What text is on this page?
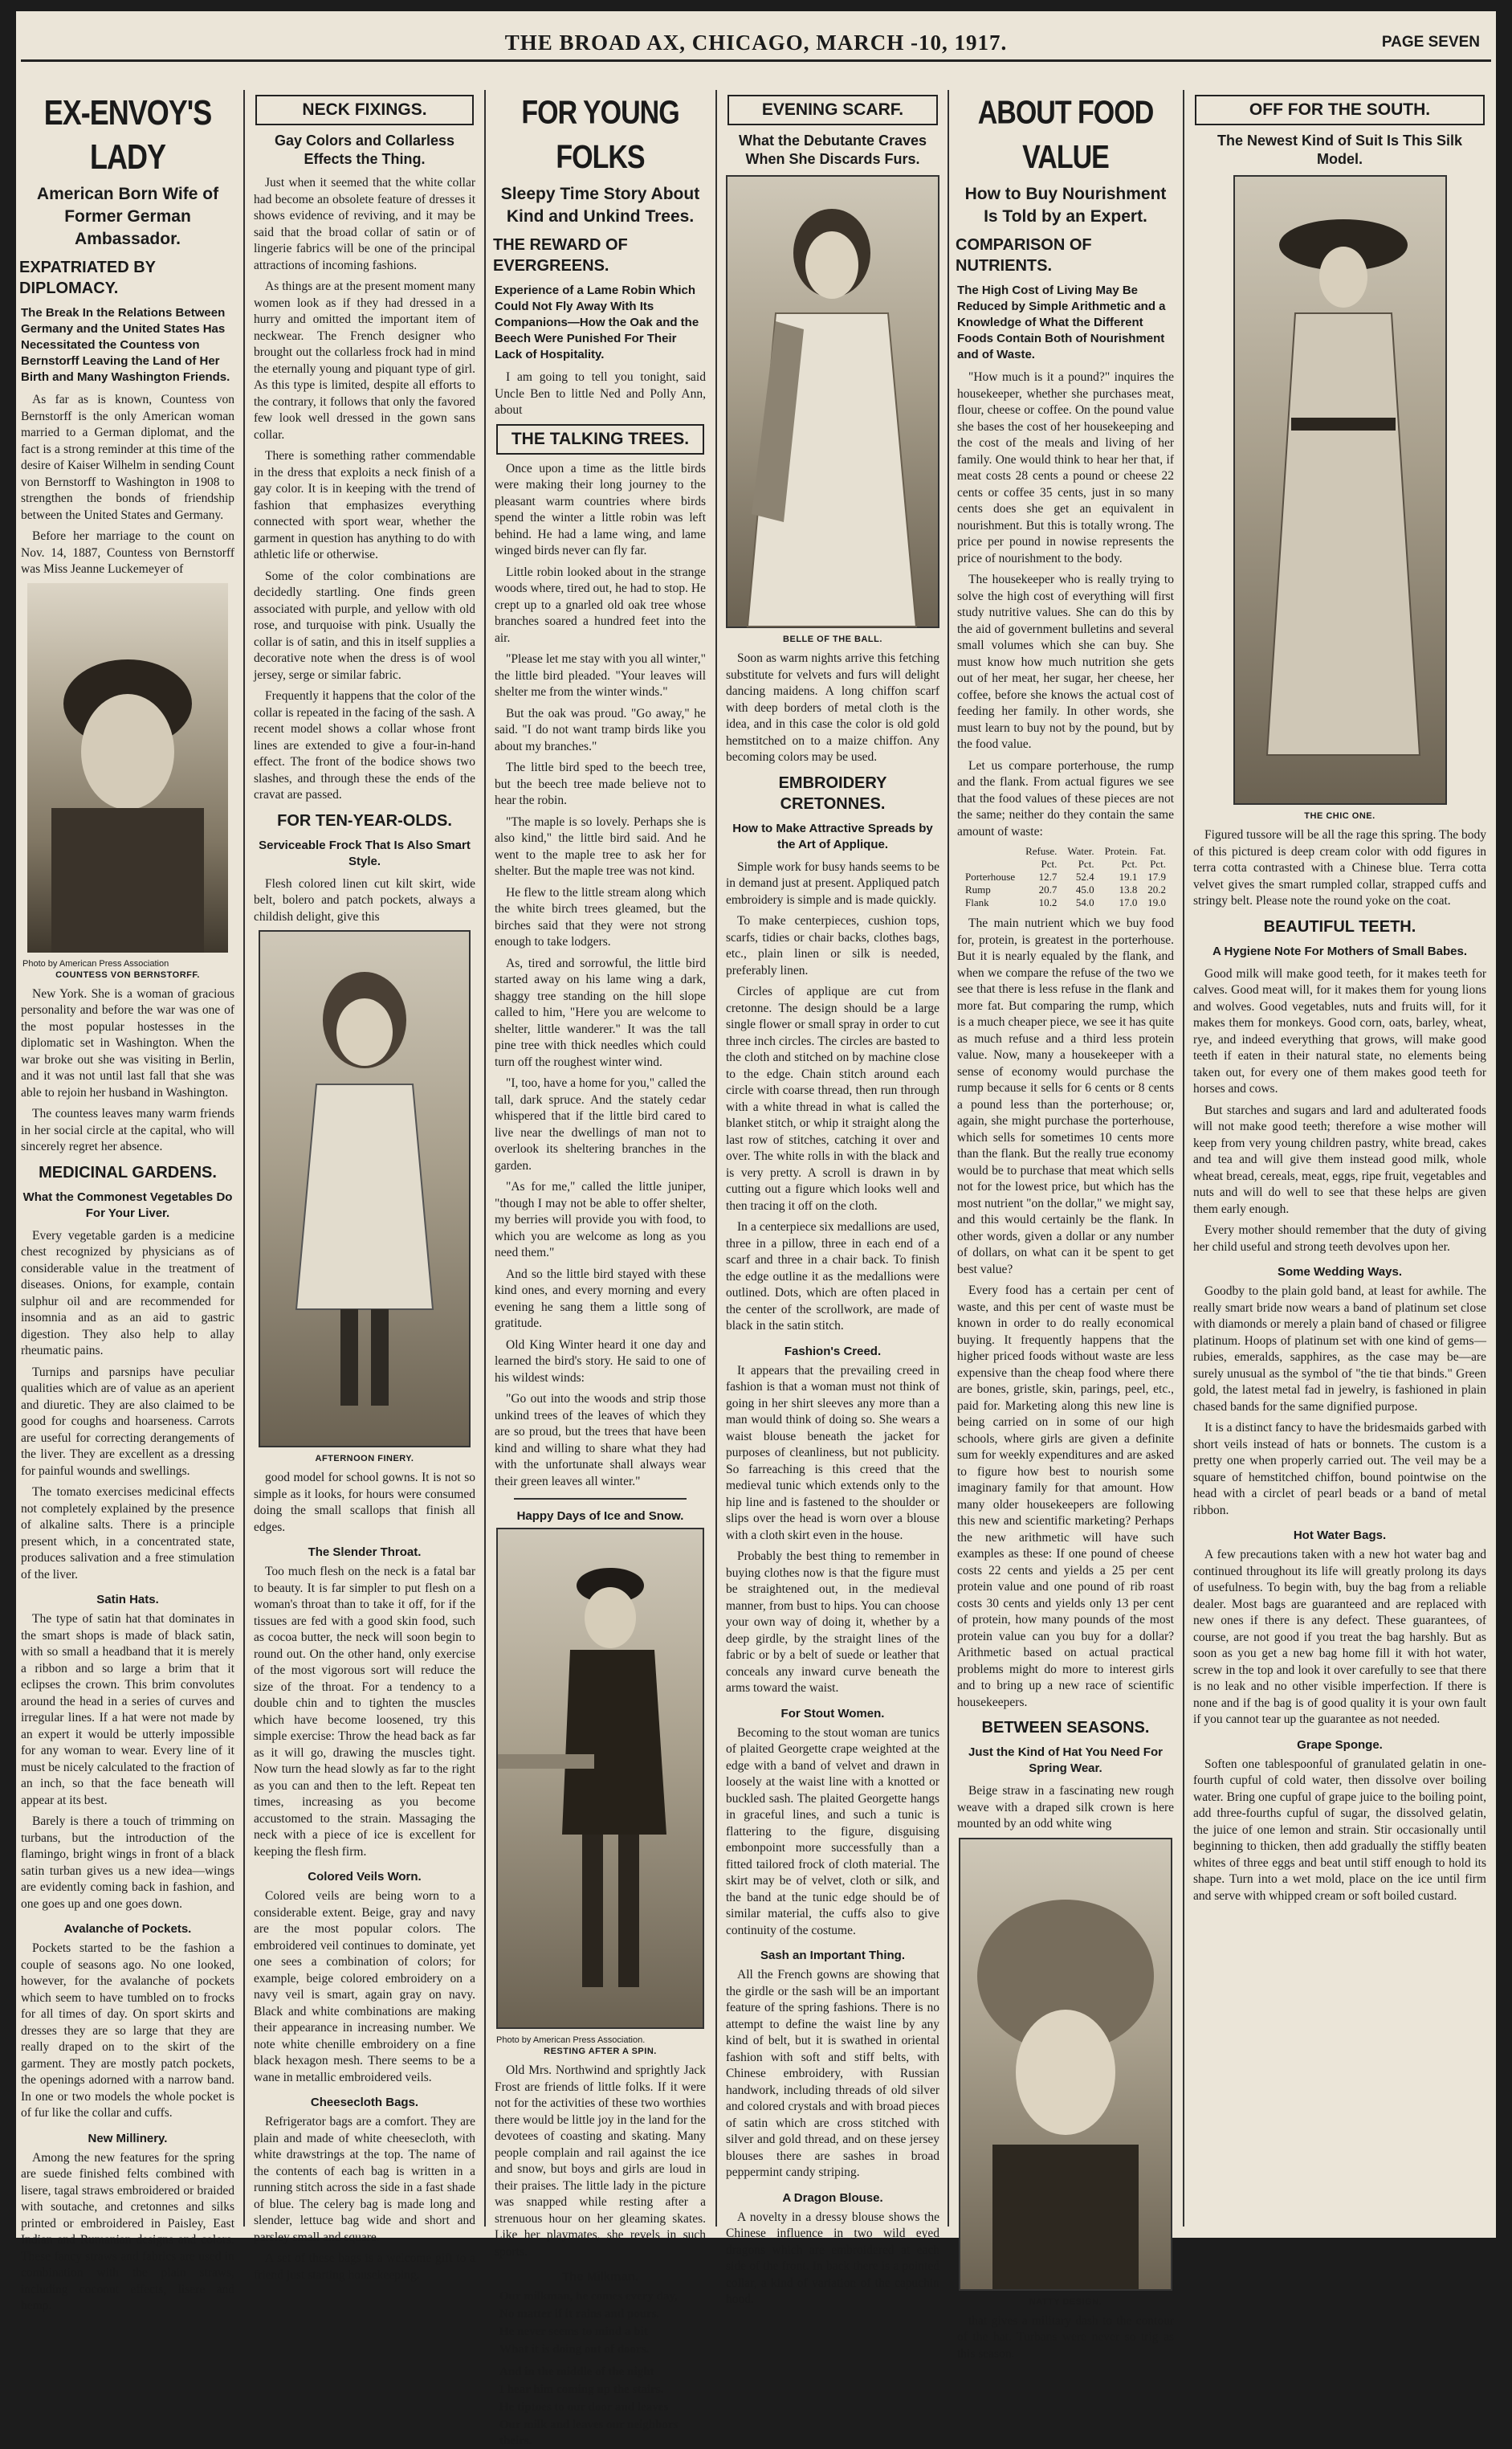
THE BROAD AX, CHICAGO, MARCH -10, 1917.	PAGE SEVEN
EX-ENVOY'S LADY
American Born Wife of Former German Ambassador.
EXPATRIATED BY DIPLOMACY.
The Break In the Relations Between Germany and the United States Has Necessitated the Countess von Bernstorff Leaving the Land of Her Birth and Many Washington Friends.

As far as is known, Countess von Bernstorff is the only American woman married to a German diplomat, and the fact is a strong reminder at this time of the desire of Kaiser Wilhelm in sending Count von Bernstorff to Washington in 1908 to strengthen the bonds of friendship between the United States and Germany.

Before her marriage to the count on Nov. 14, 1887, Countess von Bernstorff was Miss Jeanne Luckemeyer of

Photo by American Press Association
COUNTESS VON BERNSTORFF.

New York. She is a woman of gracious personality and before the war was one of the most popular hostesses in the diplomatic set in Washington. When the war broke out she was visiting in Berlin, and it was not until last fall that she was able to rejoin her husband in Washington.

The countess leaves many warm friends in her social circle at the capital, who will sincerely regret her absence.

MEDICINAL GARDENS.
What the Commonest Vegetables Do For Your Liver.

Every vegetable garden is a medicine chest recognized by physicians as of considerable value in the treatment of diseases. Onions, for example, contain sulphur oil and are recommended for insomnia and as an aid to gastric digestion. They also help to allay rheumatic pains.

Turnips and parsnips have peculiar qualities which are of value as an aperient and diuretic. They are also claimed to be good for coughs and hoarseness. Carrots are useful for correcting derangements of the liver. They are excellent as a dressing for painful wounds and swellings.

The tomato exercises medicinal effects not completely explained by the presence of alkaline salts. There is a principle present which, in a concentrated state, produces salivation and a free stimulation of the liver.

Satin Hats.

The type of satin hat that dominates in the smart shops is made of black satin, with so small a headband that it is merely a ribbon and so large a brim that it eclipses the crown. This brim convolutes around the head in a series of curves and irregular lines. If a hat were not made by an expert it would be utterly impossible for any woman to wear. Every line of it must be nicely calculated to the fraction of an inch, so that the face beneath will appear at its best.

Barely is there a touch of trimming on turbans, but the introduction of the flamingo, bright wings in front of a black satin turban gives us a new idea—wings are evidently coming back in fashion, and one goes up and one goes down.

Avalanche of Pockets.

Pockets started to be the fashion a couple of seasons ago. No one looked, however, for the avalanche of pockets which seem to have tumbled on to frocks for all times of day. On sport skirts and dresses they are so large that they are really draped on to the skirt of the garment. They are mostly patch pockets, the openings adorned with a narrow band. In one or two models the whole pocket is of fur like the collar and cuffs.

New Millinery.

Among the new features for the spring are suede finished felts combined with lisere, tagal straws embroidered or braided with soutache, and cretonnes and silks printed or embroidered in Paisley, East Indian and Rumanian designs and colors. These fancy straws and fabrics are used in combination with the plain straws, including coconut effects, lisere and hemp.

NECK FIXINGS.
Gay Colors and Collarless Effects the Thing.

Just when it seemed that the white collar had become an obsolete feature of dresses it shows evidence of reviving, and it may be said that the broad collar of satin or of lingerie fabrics will be one of the principal attractions of incoming fashions.

As things are at the present moment many women look as if they had dressed in a hurry and omitted the important item of neckwear. The French designer who brought out the collarless frock had in mind the eternally young and piquant type of girl. As this type is limited, despite all efforts to the contrary, it follows that only the favored few look well dressed in the gown sans collar.

There is something rather commendable in the dress that exploits a neck finish of a gay color. It is in keeping with the trend of fashion that emphasizes everything connected with sport wear, whether the garment in question has anything to do with athletic life or otherwise.

Some of the color combinations are decidedly startling. One finds green associated with purple, and yellow with old rose, and turquoise with pink. Usually the collar is of satin, and this in itself supplies a decorative note when the dress is of wool jersey, serge or similar fabric.

Frequently it happens that the color of the collar is repeated in the facing of the sash. A recent model shows a collar whose front lines are extended to give a four-in-hand effect. The front of the bodice shows two slashes, and through these the ends of the cravat are passed.

FOR TEN-YEAR-OLDS.
Serviceable Frock That Is Also Smart Style.

Flesh colored linen cut kilt skirt, wide belt, bolero and patch pockets, always a childish delight, give this

AFTERNOON FINERY.

good model for school gowns. It is not so simple as it looks, for hours were consumed doing the small scallops that finish all edges.

The Slender Throat.

Too much flesh on the neck is a fatal bar to beauty. It is far simpler to put flesh on a woman's throat than to take it off, for if the tissues are fed with a good skin food, such as cocoa butter, the neck will soon begin to round out. On the other hand, only exercise of the most vigorous sort will reduce the size of the throat. For a tendency to a double chin and to tighten the muscles which have become loosened, try this simple exercise: Throw the head back as far as it will go, drawing the muscles tight. Now turn the head slowly as far to the right as you can and then to the left. Repeat ten times, increasing as you become accustomed to the strain. Massaging the neck with a piece of ice is excellent for keeping the flesh firm.

Colored Veils Worn.

Colored veils are being worn to a considerable extent. Beige, gray and navy are the most popular colors. The embroidered veil continues to dominate, yet one sees a combination of colors; for example, beige colored embroidery on a navy veil is smart, again gray on navy. Black and white combinations are making their appearance in increasing number. We note white chenille embroidery on a fine black hexagon mesh. There seems to be a wane in metallic embroidered veils.

Cheesecloth Bags.

Refrigerator bags are a comfort. They are plain and made of white cheesecloth, with white drawstrings at the top. The name of the contents of each bag is written in a running stitch across the side in a fast shade of blue. The celery bag is made long and slender, lettuce bag wide and short and parsley small and square.

A set of these bags is a welcome gift to a friend just starting housekeeping.

FOR YOUNG FOLKS
Sleepy Time Story About Kind and Unkind Trees.
THE REWARD OF EVERGREENS.
Experience of a Lame Robin Which Could Not Fly Away With Its Companions—How the Oak and the Beech Were Punished For Their Lack of Hospitality.

I am going to tell you tonight, said Uncle Ben to little Ned and Polly Ann, about

THE TALKING TREES.

Once upon a time as the little birds were making their long journey to the pleasant warm countries where birds spend the winter a little robin was left behind. He had a lame wing, and lame winged birds never can fly far.

Little robin looked about in the strange woods where, tired out, he had to stop. He crept up to a gnarled old oak tree whose branches soared a hundred feet into the air.

"Please let me stay with you all winter," the little bird pleaded. "Your leaves will shelter me from the winter winds."

But the oak was proud. "Go away," he said. "I do not want tramp birds like you about my branches."

The little bird sped to the beech tree, but the beech tree made believe not to hear the robin.

"The maple is so lovely. Perhaps she is also kind," the little bird said. And he went to the maple tree to ask her for shelter. But the maple tree was not kind.

He flew to the little stream along which the white birch trees gleamed, but the birches said that they were not strong enough to take lodgers.

As, tired and sorrowful, the little bird started away on his lame wing a dark, shaggy tree standing on the hill slope called to him, "Here you are welcome to shelter, little wanderer." It was the tall pine tree with thick needles which could turn off the roughest winter wind.

"I, too, have a home for you," called the tall, dark spruce. And the stately cedar whispered that if the little bird cared to live near the dwellings of man not to overlook its sheltering branches in the garden.

"As for me," called the little juniper, "though I may not be able to offer shelter, my berries will provide you with food, to which you are welcome as long as you need them."

And so the little bird stayed with these kind ones, and every morning and every evening he sang them a little song of gratitude.

Old King Winter heard it one day and learned the bird's story. He said to one of his wildest winds:

"Go out into the woods and strip those unkind trees of the leaves of which they are so proud, but the trees that have been kind and willing to share what they had with the unfortunate shall always wear their green leaves all winter."

Happy Days of Ice and Snow.
Photo by American Press Association.
RESTING AFTER A SPIN.

Old Mrs. Northwind and sprightly Jack Frost are friends of little folks. If it were not for the activities of these two worthies there would be little joy in the land for the devotees of coasting and skating. Many people complain and rail against the ice and snow, but boys and girls are loud in their praises. The little lady in the picture was snapped while resting after a strenuous hour on her gleaming skates. Like her playmates, she revels in such sports.

The Milkman.
Our milkman, he comes every day,
No matter if it rains and pours.
He never seems to mind a bit
What it is doing out of doors.
And in the middle of the night
I hear him coming up the stairs.
He tiptoes to our door and leaves
Our milk and leaves our neighbors theirs.
EVENING SCARF.
What the Debutante Craves When She Discards Furs.
BELLE OF THE BALL.

Soon as warm nights arrive this fetching substitute for velvets and furs will delight dancing maidens. A long chiffon scarf with deep borders of metal cloth is the idea, and in this case the color is old gold hemstitched on to a maize chiffon. Any becoming colors may be used.

EMBROIDERY CRETONNES.
How to Make Attractive Spreads by the Art of Applique.

Simple work for busy hands seems to be in demand just at present. Appliqued patch embroidery is simple and is made quickly.

To make centerpieces, cushion tops, scarfs, tidies or chair backs, clothes bags, etc., plain linen or silk is needed, preferably linen.

Circles of applique are cut from cretonne. The design should be a large single flower or small spray in order to cut three inch circles. The circles are basted to the cloth and stitched on by machine close to the edge. Chain stitch around each circle with coarse thread, then run through with a white thread in what is called the blanket stitch, or whip it straight along the last row of stitches, catching it over and over. The white rolls in with the black and is very pretty. A scroll is drawn in by cutting out a figure which looks well and then tracing it off on the cloth.

In a centerpiece six medallions are used, three in a pillow, three in each end of a scarf and three in a chair back. To finish the edge outline it as the medallions were outlined. Dots, which are often placed in the center of the scrollwork, are made of black in the satin stitch.

Fashion's Creed.

It appears that the prevailing creed in fashion is that a woman must not think of going in her shirt sleeves any more than a man would think of doing so. She wears a waist blouse beneath the jacket for purposes of cleanliness, but not publicity. So farreaching is this creed that the medieval tunic which extends only to the hip line and is fastened to the shoulder or slips over the head is worn over a blouse with a cloth skirt even in the house.

Probably the best thing to remember in buying clothes now is that the figure must be straightened out, in the medieval manner, from bust to hips. You can choose your own way of doing it, whether by a deep girdle, by the straight lines of the fabric or by a belt of suede or leather that conceals any inward curve beneath the arms toward the waist.

For Stout Women.

Becoming to the stout woman are tunics of plaited Georgette crape weighted at the edge with a band of velvet and drawn in loosely at the waist line with a knotted or buckled sash. The plaited Georgette hangs in graceful lines, and such a tunic is flattering to the figure, disguising embonpoint more successfully than a fitted tailored frock of cloth material. The skirt may be of velvet, cloth or silk, and the band at the tunic edge should be of similar material, the cuffs also to give continuity of the costume.

Sash an Important Thing.

All the French gowns are showing that the girdle or the sash will be an important feature of the spring fashions. There is no attempt to define the waist line by any kind of belt, but it is swathed in oriental fashion with soft and stiff belts, with Chinese embroidery, with Russian handwork, including threads of old silver and colored crystals and with broad pieces of satin which are cross stitched with silver and gold thread, and on these jersey blouses there are sashes in broad peppermint candy striping.

A Dragon Blouse.

A novelty in a dressy blouse shows the Chinese influence in two wild eyed dragons which are embroidered at each side of the front. In back there is a pointed collar, a kind of variation of the capuchin hood.

ABOUT FOOD VALUE
How to Buy Nourishment Is Told by an Expert.
COMPARISON OF NUTRIENTS.
The High Cost of Living May Be Reduced by Simple Arithmetic and a Knowledge of What the Different Foods Contain Both of Nourishment and of Waste.

"How much is it a pound?" inquires the housekeeper, whether she purchases meat, flour, cheese or coffee. On the pound value she bases the cost of her housekeeping and the cost of the meals and living of her family. One would think to hear her that, if meat costs 28 cents a pound or cheese 22 cents or coffee 35 cents, just in so many cents does she get an equivalent in nourishment. But this is totally wrong. The price per pound in nowise represents the price of nourishment to the body.

The housekeeper who is really trying to solve the high cost of everything will first study nutritive values. She can do this by the aid of government bulletins and several small volumes which she can buy. She must know how much nutrition she gets out of her meat, her sugar, her cheese, her coffee, before she knows the actual cost of feeding her family. In other words, she must learn to buy not by the pound, but by the food value.

Let us compare porterhouse, the rump and the flank. From actual figures we see that the food values of these pieces are not the same; neither do they contain the same amount of waste:

	Refuse. Pct.	Water. Pct.	Protein. Pct.	Fat. Pct.
Porterhouse	12.7	52.4	19.1	17.9
Rump	20.7	45.0	13.8	20.2
Flank	10.2	54.0	17.0	19.0

The main nutrient which we buy food for, protein, is greatest in the porterhouse. But it is nearly equaled by the flank, and when we compare the refuse of the two we see that there is less refuse in the flank and more fat. But comparing the rump, which is a much cheaper piece, we see it has quite as much refuse and a third less protein value. Now, many a housekeeper with a sense of economy would purchase the rump because it sells for 6 cents or 8 cents a pound less than the porterhouse; or, again, she might purchase the porterhouse, which sells for sometimes 10 cents more than the flank. But the really true economy would be to purchase that meat which sells not for the lowest price, but which has the most nutrient "on the dollar," we might say, and this would certainly be the flank. In other words, given a dollar or any number of dollars, on what can it be spent to get best value?

Every food has a certain per cent of waste, and this per cent of waste must be known in order to do really economical buying. It frequently happens that the higher priced foods without waste are less expensive than the cheap food where there are bones, gristle, skin, parings, peel, etc., paid for. Marketing along this new line is being carried on in some of our high schools, where girls are given a definite sum for weekly expenditures and are asked to figure how best to nourish some imaginary family for that amount. How many older housekeepers are following this new and scientific marketing? Perhaps the new arithmetic will have such examples as these: If one pound of cheese costs 22 cents and yields a 25 per cent protein value and one pound of rib roast costs 30 cents and yields only 13 per cent of protein, how many pounds of the most protein value can you buy for a dollar? Arithmetic based on actual practical problems might do more to interest girls and to bring up a new race of scientific housekeepers.

BETWEEN SEASONS.
Just the Kind of Hat You Need For Spring Wear.

Beige straw in a fascinating new rough weave with a draped silk crown is here mounted by an odd white wing

NATTY DESIGN.

that gives a military dash to the contour of the hat. Turbans were never so trig as this season.

OFF FOR THE SOUTH.
The Newest Kind of Suit Is This Silk Model.
THE CHIC ONE.

Figured tussore will be all the rage this spring. The body of this pictured is deep cream color with odd figures in terra cotta contrasted with a Chinese blue. Terra cotta velvet gives the smart rumpled collar, strapped cuffs and stringy belt. Please note the round yoke on the coat.

BEAUTIFUL TEETH.
A Hygiene Note For Mothers of Small Babes.

Good milk will make good teeth, for it makes teeth for calves. Good meat will, for it makes them for young lions and wolves. Good vegetables, nuts and fruits will, for it makes them for monkeys. Good corn, oats, barley, wheat, rye, and indeed everything that grows, will make good teeth if eaten in their natural state, no elements being taken out, for every one of them makes good teeth for horses and cows.

But starches and sugars and lard and adulterated foods will not make good teeth; therefore a wise mother will keep from very young children pastry, white bread, cakes and tea and will give them instead good milk, whole wheat bread, cereals, meat, eggs, ripe fruit, vegetables and nuts and will do well to see that these helps are given them early enough.

Every mother should remember that the duty of giving her child useful and strong teeth devolves upon her.

Some Wedding Ways.

Goodby to the plain gold band, at least for awhile. The really smart bride now wears a band of platinum set close with diamonds or merely a plain band of chased or filigree platinum. Hoops of platinum set with one kind of gems—rubies, emeralds, sapphires, as the case may be—are surely unusual as the symbol of "the tie that binds." Green gold, the latest metal fad in jewelry, is fashioned in plain chased bands for the same dignified purpose.

It is a distinct fancy to have the bridesmaids garbed with short veils instead of hats or bonnets. The custom is a pretty one when properly carried out. The veil may be a square of hemstitched chiffon, bound pointwise on the head with a circlet of pearl beads or a band of metal ribbon.

Hot Water Bags.

A few precautions taken with a new hot water bag and continued throughout its life will greatly prolong its days of usefulness. To begin with, buy the bag from a reliable dealer. Most bags are guaranteed and are replaced with new ones if there is any defect. These guarantees, of course, are not good if you treat the bag harshly. But as soon as you get a new bag home fill it with hot water, screw in the top and look it over carefully to see that there is no leak and no other visible imperfection. If there is none and if the bag is of good quality it is your own fault if you cannot tear up the guarantee as not needed.

Grape Sponge.

Soften one tablespoonful of granulated gelatin in one-fourth cupful of cold water, then dissolve over boiling water. Bring one cupful of grape juice to the boiling point, add three-fourths cupful of sugar, the dissolved gelatin, the juice of one lemon and strain. Stir occasionally until beginning to thicken, then add gradually the stiffly beaten whites of three eggs and beat until stiff enough to hold its shape. Turn into a wet mold, place on the ice until firm and serve with whipped cream or soft boiled custard.
